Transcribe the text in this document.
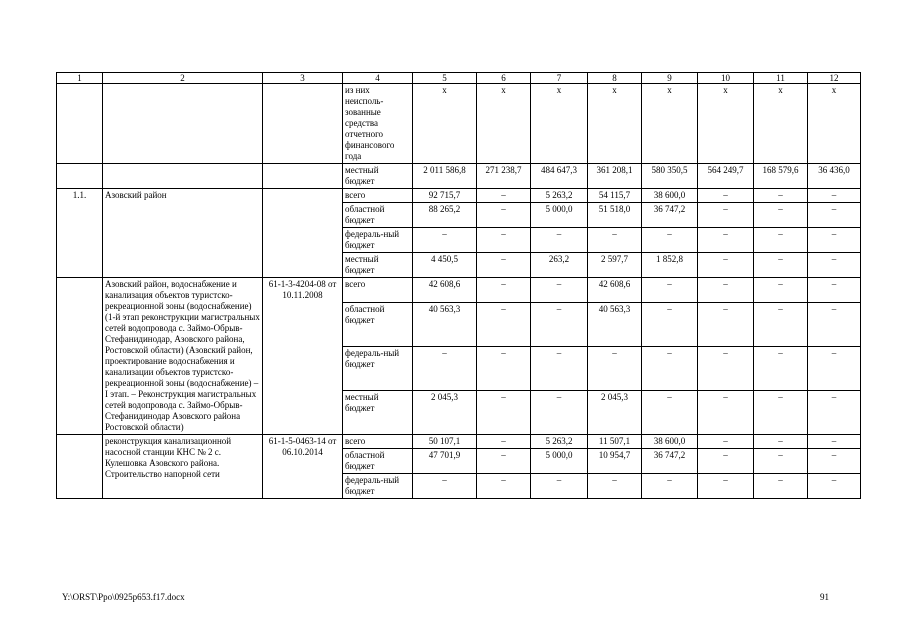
1	2	3	4	5	6	7	8	9	10	11	12
			из них неисполь-зованные средства отчетного финансового года	x	x	x	x	x	x	x	x
			местный бюджет	2 011 586,8	271 238,7	484 647,3	361 208,1	580 350,5	564 249,7	168 579,6	36 436,0
1.1.	Азовский район		всего	92 715,7	–	5 263,2	54 115,7	38 600,0	–	–	–
			областной бюджет	88 265,2	–	5 000,0	51 518,0	36 747,2	–	–	–
			федераль-ный бюджет	–	–	–	–	–	–	–	–
			местный бюджет	4 450,5	–	263,2	2 597,7	1 852,8	–	–	–
	Азовский район, водоснабжение и канализация объектов туристско-рекреационной зоны (водоснабжение) (1-й этап реконструкции магистральных сетей водопровода с. Займо-Обрыв-Стефанидинодар, Азовского района, Ростовской области) (Азовский район, проектирование водоснабжения и канализации объектов туристско-рекреационной зоны (водоснабжение) – I этап. – Реконструкция магистральных сетей водопровода с. Займо-Обрыв-Стефанидинодар Азовского района Ростовской области)	61-1-3-4204-08 от 10.11.2008	всего	42 608,6	–	–	42 608,6	–	–	–	–
			областной бюджет	40 563,3	–	–	40 563,3	–	–	–	–
			федераль-ный бюджет	–	–	–	–	–	–	–	–
			местный бюджет	2 045,3	–	–	2 045,3	–	–	–	–
	реконструкция канализационной насосной станции КНС № 2 с. Кулешовка Азовского района. Строительство напорной сети	61-1-5-0463-14 от 06.10.2014	всего	50 107,1	–	5 263,2	11 507,1	38 600,0	–	–	–
			областной бюджет	47 701,9	–	5 000,0	10 954,7	36 747,2	–	–	–
			федераль-ный бюджет	–	–	–	–	–	–	–	–
Y:\ORST\Ppo\0925p653.f17.docx	91
